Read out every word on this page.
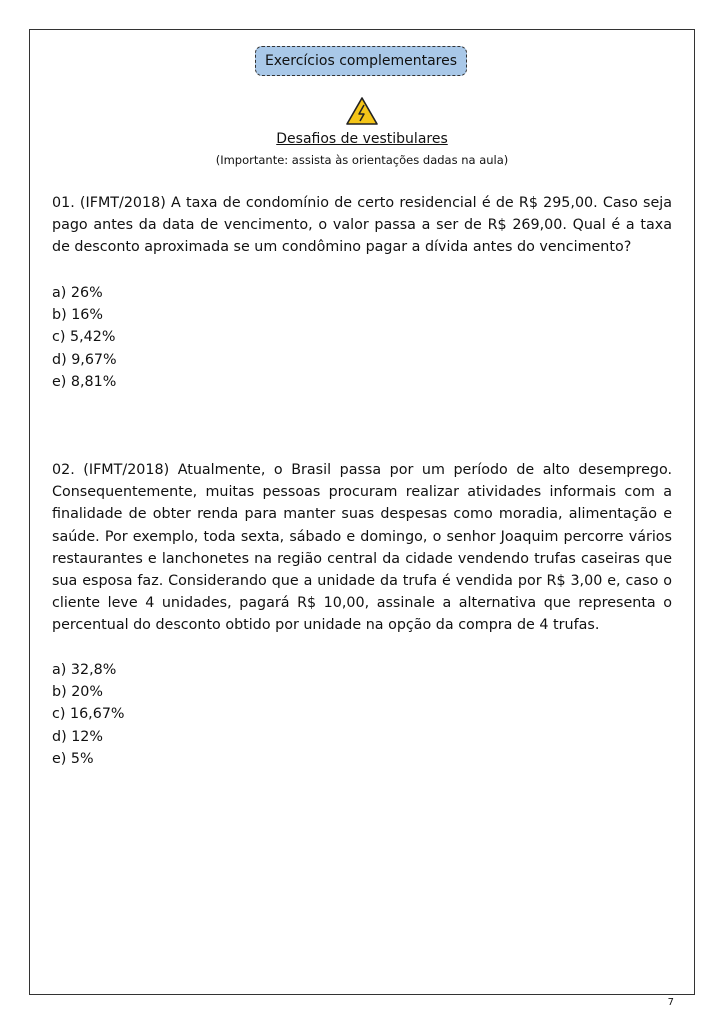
Exercícios complementares
Desafios de vestibulares
(Importante: assista às orientações dadas na aula)
01. (IFMT/2018) A taxa de condomínio de certo residencial é de R$ 295,00. Caso seja pago antes da data de vencimento, o valor passa a ser de R$ 269,00. Qual é a taxa de desconto aproximada se um condômino pagar a dívida antes do vencimento?
a) 26%
b) 16%
c) 5,42%
d) 9,67%
e) 8,81%
02. (IFMT/2018) Atualmente, o Brasil passa por um período de alto desemprego. Consequentemente, muitas pessoas procuram realizar atividades informais com a finalidade de obter renda para manter suas despesas como moradia, alimentação e saúde. Por exemplo, toda sexta, sábado e domingo, o senhor Joaquim percorre vários restaurantes e lanchonetes na região central da cidade vendendo trufas caseiras que sua esposa faz. Considerando que a unidade da trufa é vendida por R$ 3,00 e, caso o cliente leve 4 unidades, pagará R$ 10,00, assinale a alternativa que representa o percentual do desconto obtido por unidade na opção da compra de 4 trufas.
a) 32,8%
b) 20%
c) 16,67%
d) 12%
e) 5%
7
